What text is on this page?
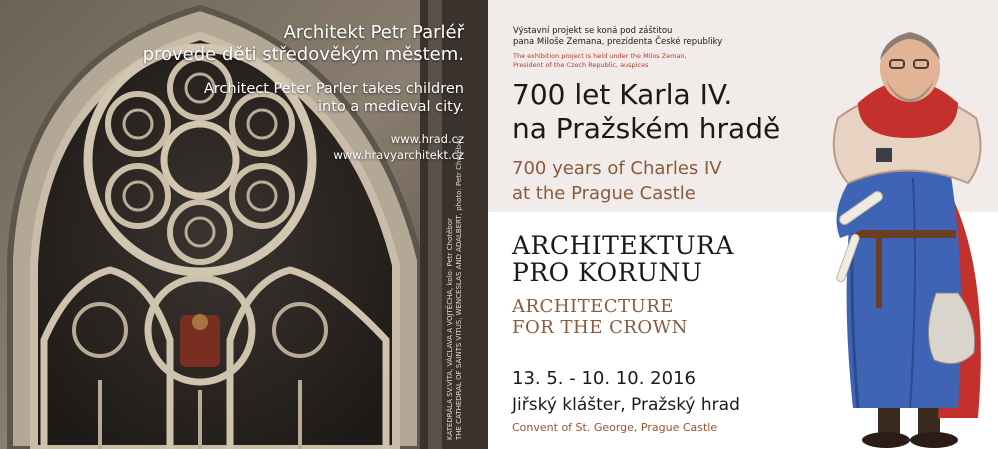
Architekt Petr Parléř
provede děti středověkým městem.
Architect Peter Parler takes children
into a medieval city.
www.hrad.cz
www.hravyarchitekt.cz
KATEDRÁLA SV.VÍTA, VÁCLAVA A VOJTĚCHA, kolo: Petr Chotěbor THE CATHEDRAL OF SAINTS VITUS, WENCESLAS AND ADALBERT, photo: Petr Chotěbor
Výstavní projekt se koná pod záštitou
pana Miloše Zemana, prezidenta České republiky
The exhibition project is held under the Milos Zeman,
President of the Czech Republic, auspices
700 let Karla IV.
na Pražském hradě
700 years of Charles IV
at the Prague Castle
ARCHITEKTURA
PRO KORUNU
ARCHITECTURE
FOR THE CROWN
13. 5. - 10. 10. 2016
Jiřský klášter, Pražský hrad
Convent of St. George, Prague Castle
